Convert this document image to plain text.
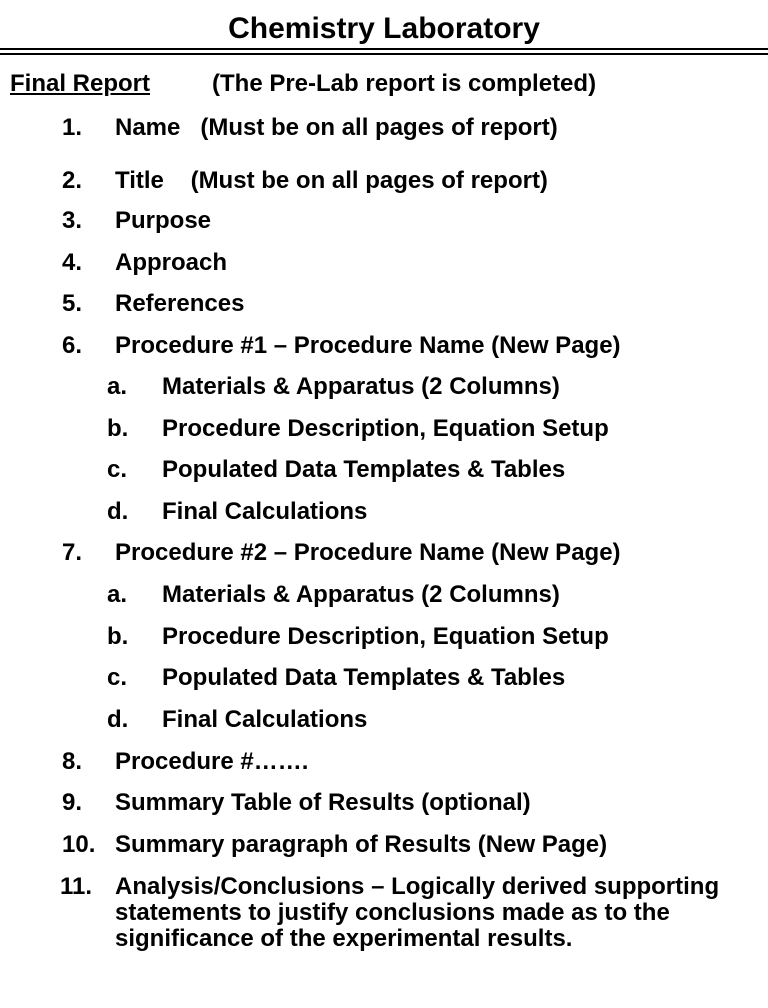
Chemistry Laboratory
Final Report	(The Pre-Lab report is completed)
1. Name   (Must be on all pages of report)
2. Title    (Must be on all pages of report)
3. Purpose
4. Approach
5. References
6. Procedure #1 – Procedure Name (New Page)
a. Materials & Apparatus (2 Columns)
b. Procedure Description, Equation Setup
c. Populated Data Templates & Tables
d. Final Calculations
7. Procedure #2 – Procedure Name (New Page)
a. Materials & Apparatus (2 Columns)
b. Procedure Description, Equation Setup
c. Populated Data Templates & Tables
d. Final Calculations
8. Procedure #…….
9. Summary Table of Results (optional)
10. Summary paragraph of Results (New Page)
11. Analysis/Conclusions – Logically derived supporting statements to justify conclusions made as to the significance of the experimental results.
